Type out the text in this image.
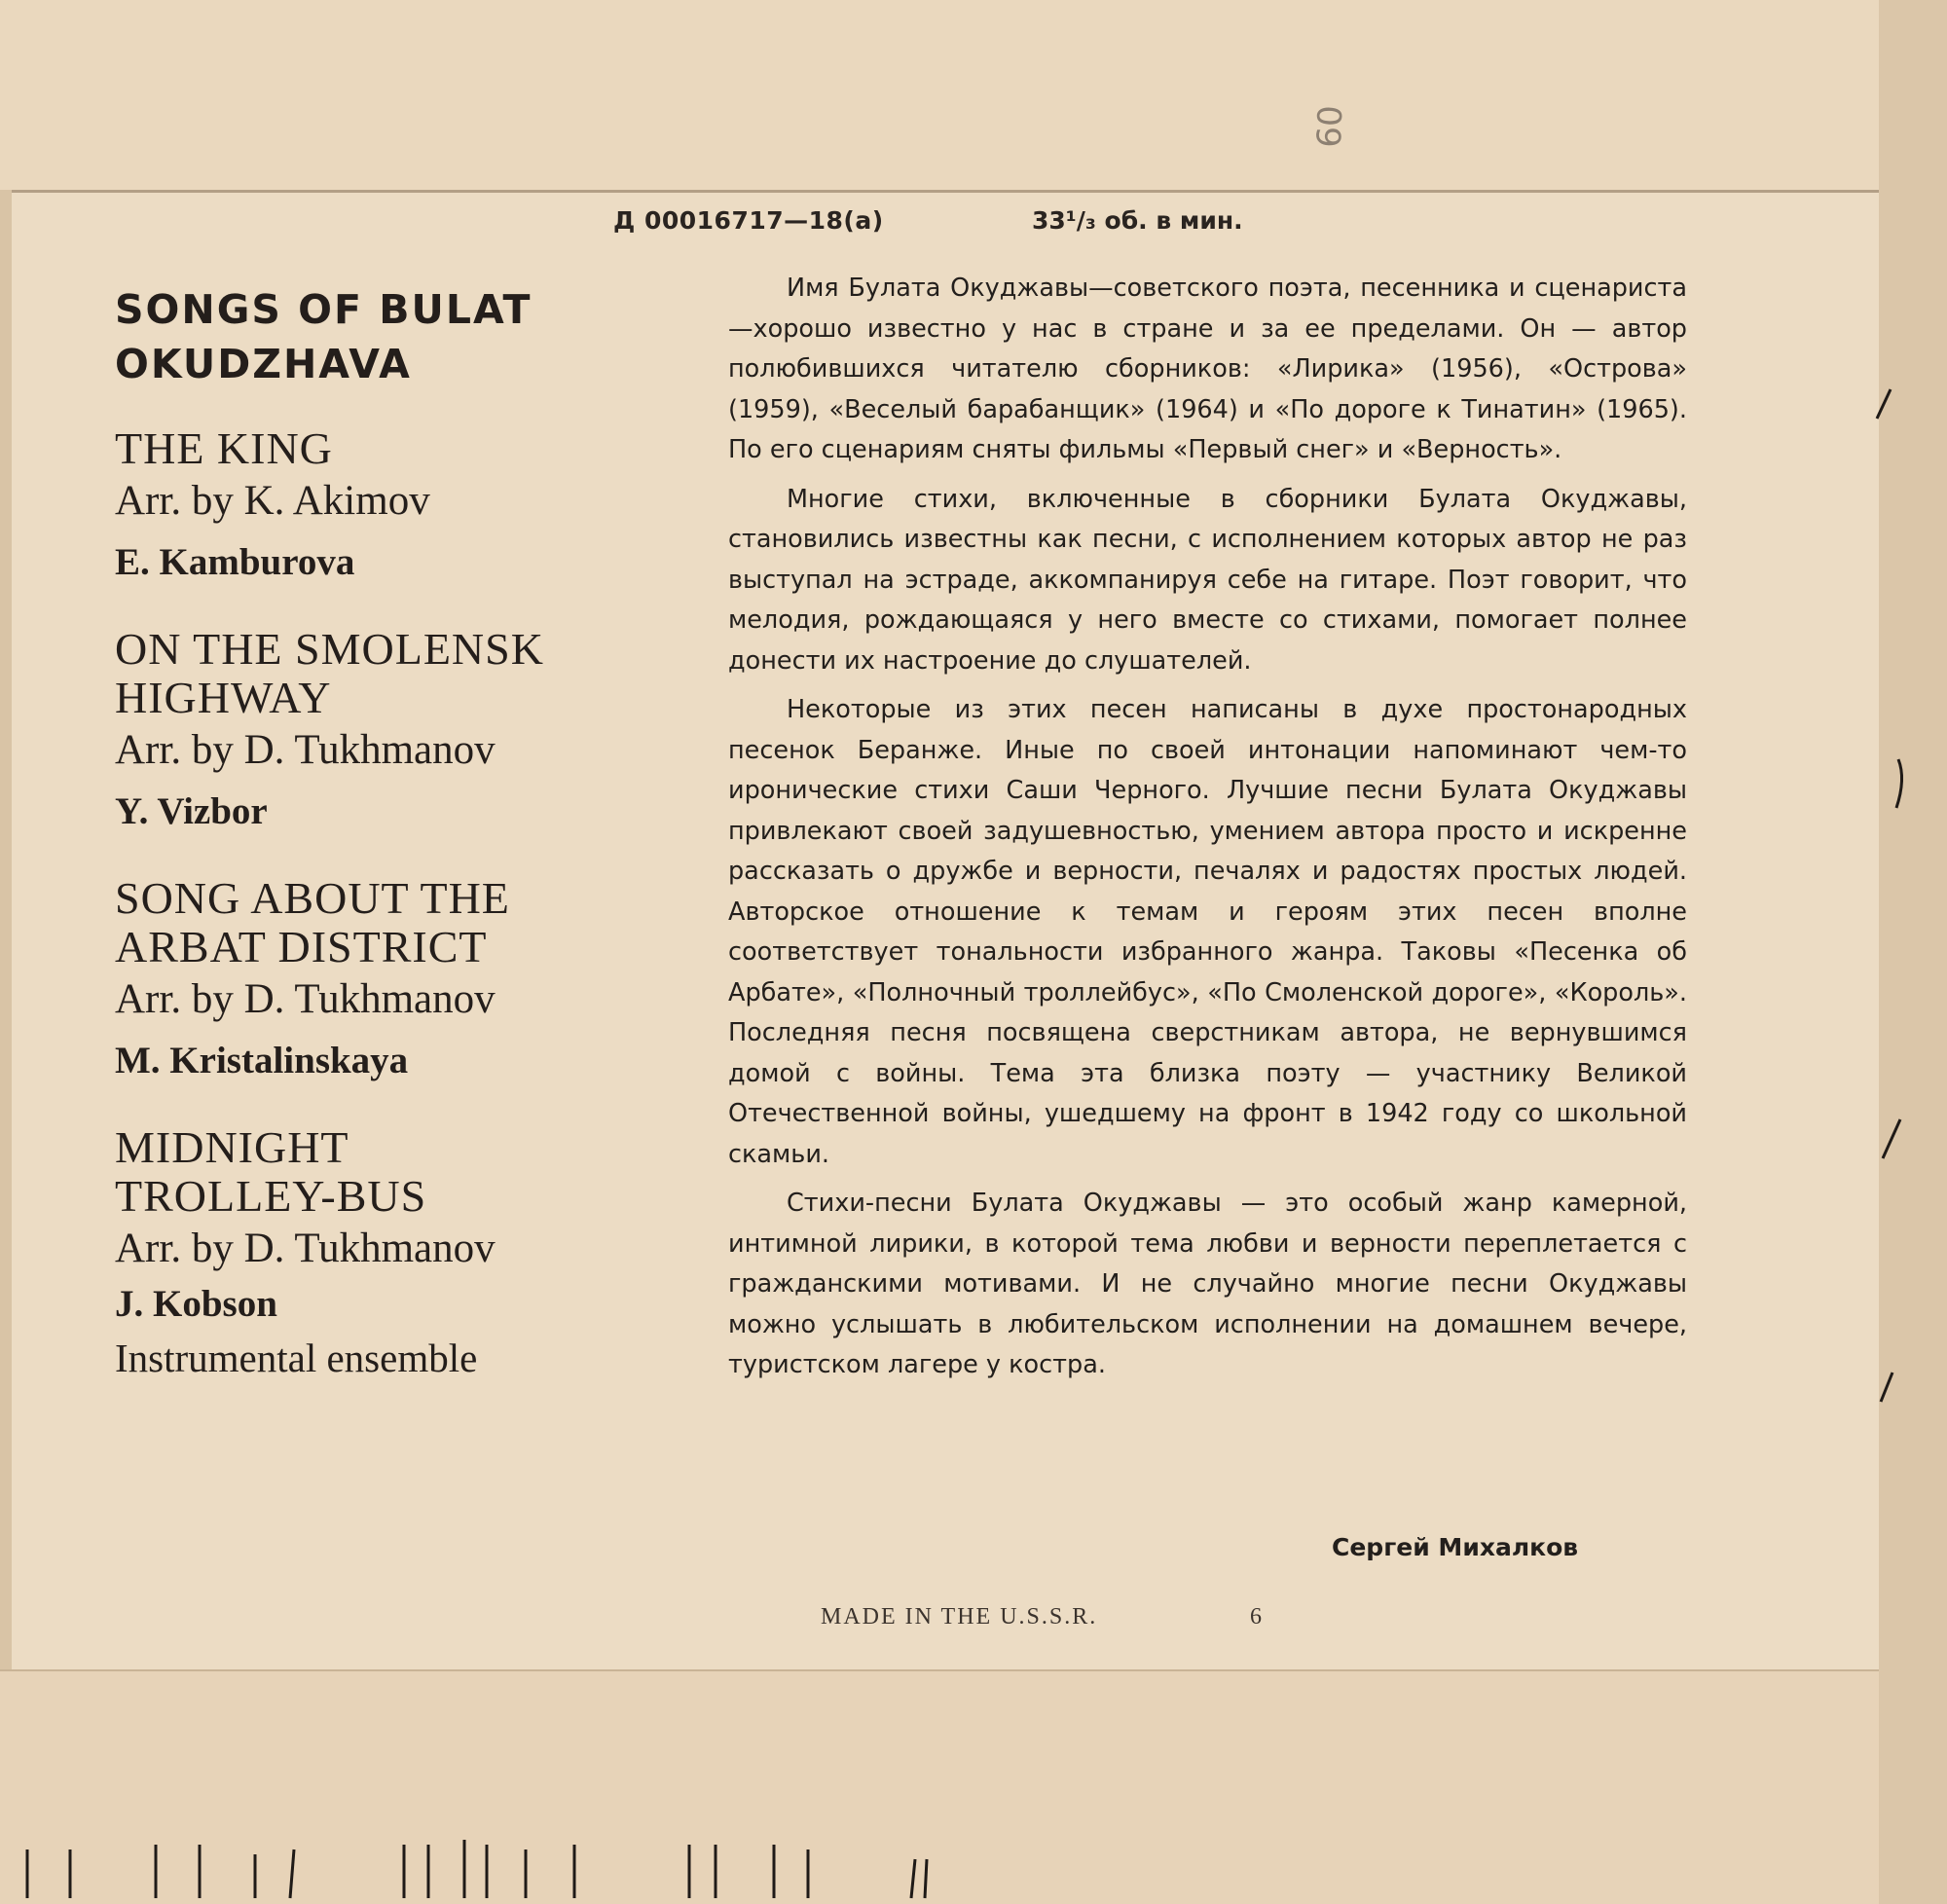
60
Д 00016717—18(а)	33¹/₃ об. в мин.
SONGS OF BULAT
OKUDZHAVA
THE KING
Arr. by K. Akimov
E. Kamburova
ON THE SMOLENSK
HIGHWAY
Arr. by D. Tukhmanov
Y. Vizbor
SONG ABOUT THE
ARBAT DISTRICT
Arr. by D. Tukhmanov
M. Kristalinskaya
MIDNIGHT
TROLLEY-BUS
Arr. by D. Tukhmanov
J. Kobson
Instrumental ensemble

Имя Булата Окуджавы—советского поэта, песенника и сценариста—хорошо известно у нас в стране и за ее пределами. Он — автор полюбившихся читателю сборников: «Лирика» (1956), «Острова» (1959), «Веселый барабанщик» (1964) и «По дороге к Тинатин» (1965). По его сценариям сняты фильмы «Первый снег» и «Верность».

Многие стихи, включенные в сборники Булата Окуджавы, становились известны как песни, с исполнением которых автор не раз выступал на эстраде, аккомпанируя себе на гитаре. Поэт говорит, что мелодия, рождающаяся у него вместе со стихами, помогает полнее донести их настроение до слушателей.

Некоторые из этих песен написаны в духе простонародных песенок Беранже. Иные по своей интонации напоминают чем-то иронические стихи Саши Черного. Лучшие песни Булата Окуджавы привлекают своей задушевностью, умением автора просто и искренне рассказать о дружбе и верности, печалях и радостях простых людей. Авторское отношение к темам и героям этих песен вполне соответствует тональности избранного жанра. Таковы «Песенка об Арбате», «Полночный троллейбус», «По Смоленской дороге», «Король». Последняя песня посвящена сверстникам автора, не вернувшимся домой с войны. Тема эта близка поэту — участнику Великой Отечественной войны, ушедшему на фронт в 1942 году со школьной скамьи.

Стихи-песни Булата Окуджавы — это особый жанр камерной, интимной лирики, в которой тема любви и верности переплетается с гражданскими мотивами. И не случайно многие песни Окуджавы можно услышать в любительском исполнении на домашнем вечере, туристском лагере у костра.

Сергей Михалков
MADE IN THE U.S.S.R.	6
